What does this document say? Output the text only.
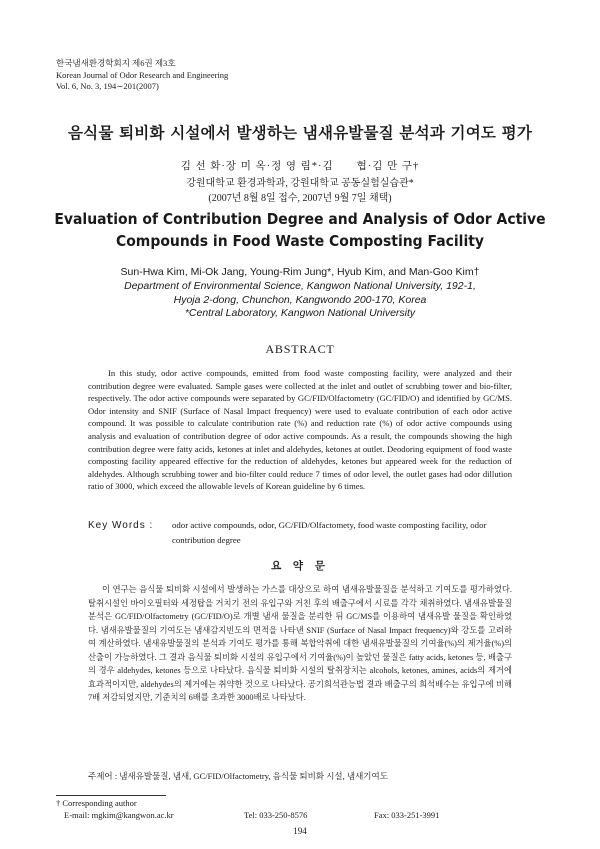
한국냄새환경학회지 제6권 제3호
Korean Journal of Odor Research and Engineering
Vol. 6, No. 3, 194∼201(2007)
음식물 퇴비화 시설에서 발생하는 냄새유발물질 분석과 기여도 평가
김 선 화·장 미 옥·정 영 림*·김　　협·김 만 구†
강원대학교 환경과학과, 강원대학교 공동실험실습관*
(2007년 8월 8일 접수, 2007년 9월 7일 채택)
Evaluation of Contribution Degree and Analysis of Odor Active
Compounds in Food Waste Composting Facility
Sun-Hwa Kim, Mi-Ok Jang, Young-Rim Jung*, Hyub Kim, and Man-Goo Kim†
Department of Environmental Science, Kangwon National University, 192-1,
Hyoja 2-dong, Chunchon, Kangwondo 200-170, Korea
*Central Laboratory, Kangwon National University
ABSTRACT

In this study, odor active compounds, emitted from food waste composting facility, were analyzed and their contribution degree were evaluated. Sample gases were collected at the inlet and outlet of scrubbing tower and bio-filter, respectively. The odor active compounds were separated by GC/FID/Olfactometry (GC/FID/O) and identified by GC/MS. Odor intensity and SNIF (Surface of Nasal Impact frequency) were used to evaluate contribution of each odor active compound. It was possible to calculate contribution rate (%) and reduction rate (%) of odor active compounds using analysis and evaluation of contribution degree of odor active compounds. As a result, the compounds showing the high contribution degree were fatty acids, ketones at inlet and aldehydes, ketones at outlet. Deodoring equipment of food waste composting facility appeared effective for the reduction of aldehydes, ketones but appeared week for the reduction of aldehydes. Although scrubbing tower and bio-filter could reduce 7 times of odor level, the outlet gases had odor dillution ratio of 3000, which exceed the allowable levels of Korean guideline by 6 times.

Key Words : odor active compounds, odor, GC/FID/Olfactomety, food waste composting facility, odor contribution degree
요 약 문

이 연구는 음식물 퇴비화 시설에서 발생하는 가스를 대상으로 하여 냄새유발물질을 분석하고 기여도를 평가하였다. 탈취시설인 바이오필터와 세정탑을 거치기 전의 유입구와 거친 후의 배출구에서 시료를 각각 채취하였다. 냄새유발물질 분석은 GC/FID/Olfactometry (GC/FID/O)로 개별 냄새 물질을 분리한 뒤 GC/MS를 이용하여 냄새유발 물질을 확인하였다. 냄새유발물질의 기여도는 냄새감지빈도의 면적을 나타낸 SNIF (Surface of Nasal Impact frequency)와 강도를 고려하여 계산하였다. 냄새유발물질의 분석과 기여도 평가를 통해 복합악취에 대한 냄새유발물질의 기여율(%)의 제거율(%)의 산출이 가능하였다. 그 결과 음식물 퇴비화 시설의 유입구에서 기여율(%)이 높았던 물질은 fatty acids, ketones 등, 배출구의 경우 aldehydes, ketones 등으로 나타났다. 음식물 퇴비화 시설의 탈취장치는 alcohols, ketones, amines, acids의 제거에 효과적이지만, aldehydes의 제거에는 취약한 것으로 나타났다. 공기희석관능법 결과 배출구의 희석배수는 유입구에 비해 7배 저감되었지만, 기준치의 6배를 초과한 3000배로 나타났다.

주제어 : 냄새유발물질, 냄새, GC/FID/Olfactometry, 음식물 퇴비화 시설, 냄새기여도
† Corresponding author
E-mail: mgkim@kangwon.ac.kr	Tel: 033-250-8576	Fax: 033-251-3991
194
